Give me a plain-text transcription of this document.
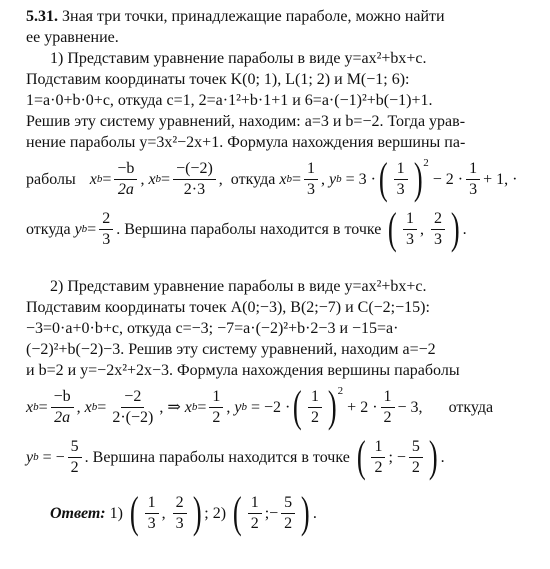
5.31. Зная три точки, принадлежащие параболе, можно найти
ее уравнение.

1) Представим уравнение параболы в виде y=ax²+bx+c.
Подставим координаты точек K(0; 1), L(1; 2) и M(−1; 6):
1=a·0+b·0+c, откуда c=1, 2=a·1²+b·1+1 и 6=a·(−1)²+b(−1)+1.
Решив эту систему уравнений, находим: a=3 и b=−2. Тогда урав-
нение параболы y=3x²−2x+1. Формула нахождения вершины па-

раболы x $b = \frac{-b}{2a}$ , x $b = \frac{-(-2)}{2\cdot 3}$ , откуда
x $b = \frac{1}{3}$ , y b
= 3 · ( $\frac{1}{3}$ ) 2

− $2 \cdot \frac{1}{3} + 1$, ·
откуда
y $b = \frac{2}{3}$ . Вершина параболы находится в точке
( $\frac{1}{3}$ , $\frac{2}{3}$ ) .

2) Представим уравнение параболы в виде y=ax²+bx+c.
Подставим координаты точек A(0;−3), B(2;−7) и C(−2;−15):
−3=0·a+0·b+c, откуда c=−3; −7=a·(−2)²+b·2−3 и −15=a·
(−2)²+b(−2)−3. Решив эту систему уравнений, находим a=−2
и b=2 и y=−2x²+2x−3. Формула нахождения вершины параболы

x $b = \frac{-b}{2a}$ , x $b = \frac{-2}{2\cdot(-2)}$ , ⇒
x $b = \frac{1}{2}$ , y b
= −2 · ( $\frac{1}{2}$ ) 2

+ $2 \cdot \frac{1}{2} - 3$, откуда
y b
= − $\frac{5}{2}$ . Вершина параболы находится в точке
( $\frac{1}{2}$ ; − $\frac{5}{2}$ ) .
Ответ:
1)
( $\frac{1}{3}$ ,
$\frac{2}{3}$ ) ; 2)
( $\frac{1}{2}$ ;− $\frac{5}{2}$ ) .
